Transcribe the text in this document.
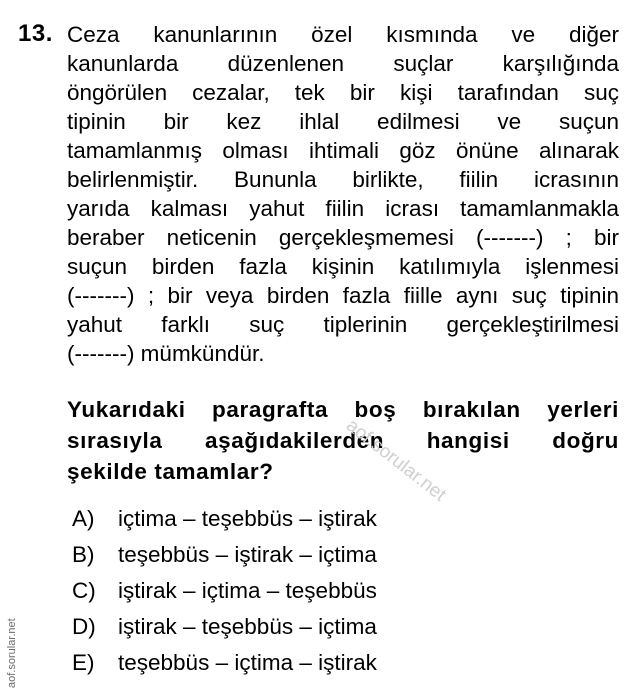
13. Ceza kanunlarının özel kısmında ve diğer
kanunlarda düzenlenen suçlar karşılığında
öngörülen cezalar, tek bir kişi tarafından suç
tipinin bir kez ihlal edilmesi ve suçun
tamamlanmış olması ihtimali göz önüne alınarak
belirlenmiştir. Bununla birlikte, fiilin icrasının
yarıda kalması yahut fiilin icrası tamamlanmakla
beraber neticenin gerçekleşmemesi (-------) ; bir
suçun birden fazla kişinin katılımıyla işlenmesi
(-------) ; bir veya birden fazla fiille aynı suç tipinin
yahut farklı suç tiplerinin gerçekleştirilmesi
(-------) mümkündür.
Yukarıdaki paragrafta boş bırakılan yerleri
sırasıyla aşağıdakilerden hangisi doğru
şekilde tamamlar?	aof.sorular.net
A)	içtima – teşebbüs – iştirak
B)	teşebbüs – iştirak – içtima
C) iştirak – içtima – teşebbüs
D) iştirak – teşebbüs – içtima
E)	teşebbüs – içtima – iştirak
aof.sorular.net
